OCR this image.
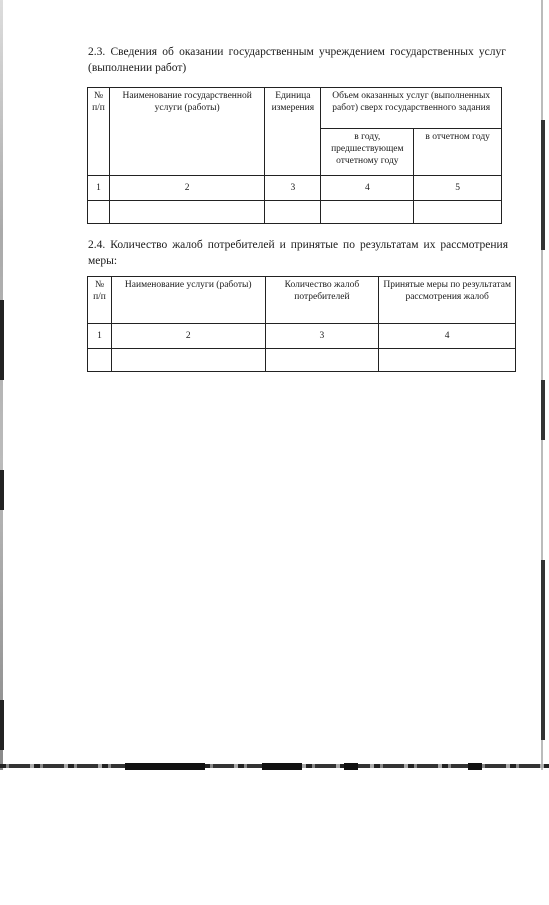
2.3. Сведения об оказании государственным учреждением государственных услуг (выполнении работ)
№ п/п	Наименование государственной услуги (работы)	Единица измерения	Объем оказанных услуг (выполненных работ) сверх государственного задания	
			в году, предшествующем отчетному году	в отчетном году
1	2	3	4	5

2.4. Количество жалоб потребителей и принятые по результатам их рассмотрения меры:
№ п/п	Наименование услуги (работы)	Количество жалоб потребителей	Принятые меры по результатам рассмотрения жалоб
1	2	3	4
